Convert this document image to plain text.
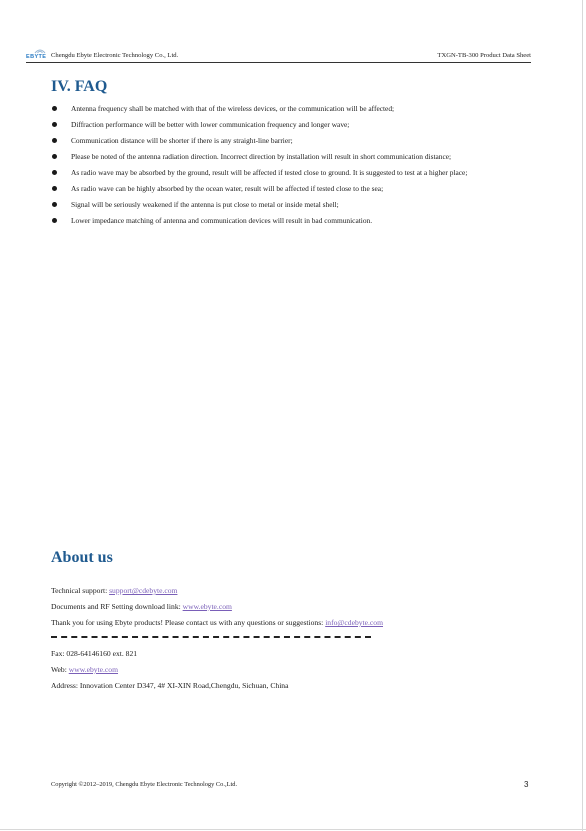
EBYTE Chengdu Ebyte Electronic Technology Co., Ltd.	TXGN-TB-300 Product Data Sheet
IV. FAQ
Antenna frequency shall be matched with that of the wireless devices, or the communication will be affected;
Diffraction performance will be better with lower communication frequency and longer wave;
Communication distance will be shorter if there is any straight-line barrier;
Please be noted of the antenna radiation direction. Incorrect direction by installation will result in short communication distance;
As radio wave may be absorbed by the ground, result will be affected if tested close to ground. It is suggested to test at a higher place;
As radio wave can be highly absorbed by the ocean water, result will be affected if tested close to the sea;
Signal will be seriously weakened if the antenna is put close to metal or inside metal shell;
Lower impedance matching of antenna and communication devices will result in bad communication.
About us
Technical support: support@cdebyte.com
Documents and RF Setting download link: www.ebyte.com
Thank you for using Ebyte products! Please contact us with any questions or suggestions: info@cdebyte.com
Fax: 028-64146160 ext. 821
Web: www.ebyte.com
Address: Innovation Center D347, 4# XI-XIN Road,Chengdu, Sichuan, China
Copyright ©2012–2019, Chengdu Ebyte Electronic Technology Co.,Ltd.	3
